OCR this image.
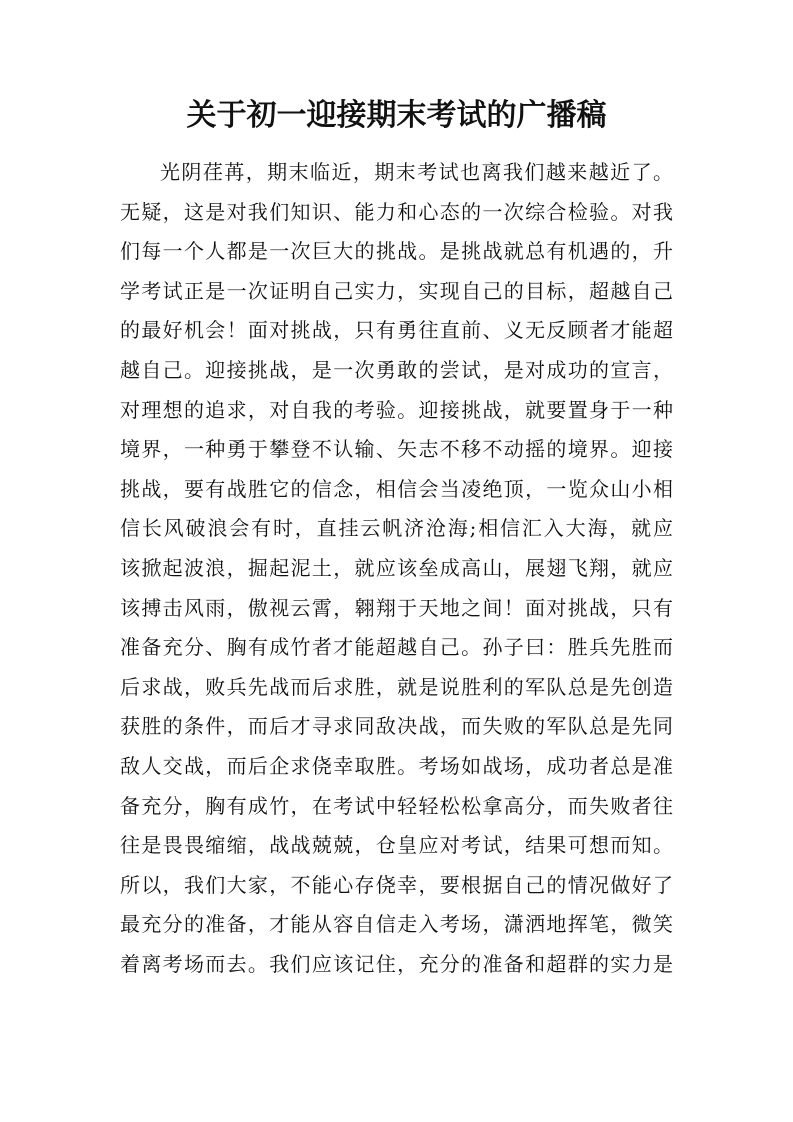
关于初一迎接期末考试的广播稿
光阴荏苒，期末临近，期末考试也离我们越来越近了。
无疑，这是对我们知识、能力和心态的一次综合检验。对我
们每一个人都是一次巨大的挑战。是挑战就总有机遇的，升
学考试正是一次证明自己实力，实现自己的目标，超越自己
的最好机会！面对挑战，只有勇往直前、义无反顾者才能超
越自己。迎接挑战，是一次勇敢的尝试，是对成功的宣言，
对理想的追求，对自我的考验。迎接挑战，就要置身于一种
境界，一种勇于攀登不认输、矢志不移不动摇的境界。迎接
挑战，要有战胜它的信念，相信会当凌绝顶，一览众山小相
信长风破浪会有时，直挂云帆济沧海;相信汇入大海，就应
该掀起波浪，掘起泥土，就应该垒成高山，展翅飞翔，就应
该搏击风雨，傲视云霄，翱翔于天地之间！面对挑战，只有
准备充分、胸有成竹者才能超越自己。孙子曰：胜兵先胜而
后求战，败兵先战而后求胜，就是说胜利的军队总是先创造
获胜的条件，而后才寻求同敌决战，而失败的军队总是先同
敌人交战，而后企求侥幸取胜。考场如战场，成功者总是准
备充分，胸有成竹，在考试中轻轻松松拿高分，而失败者往
往是畏畏缩缩，战战兢兢，仓皇应对考试，结果可想而知。
所以，我们大家，不能心存侥幸，要根据自己的情况做好了
最充分的准备，才能从容自信走入考场，潇洒地挥笔，微笑
着离考场而去。我们应该记住，充分的准备和超群的实力是
